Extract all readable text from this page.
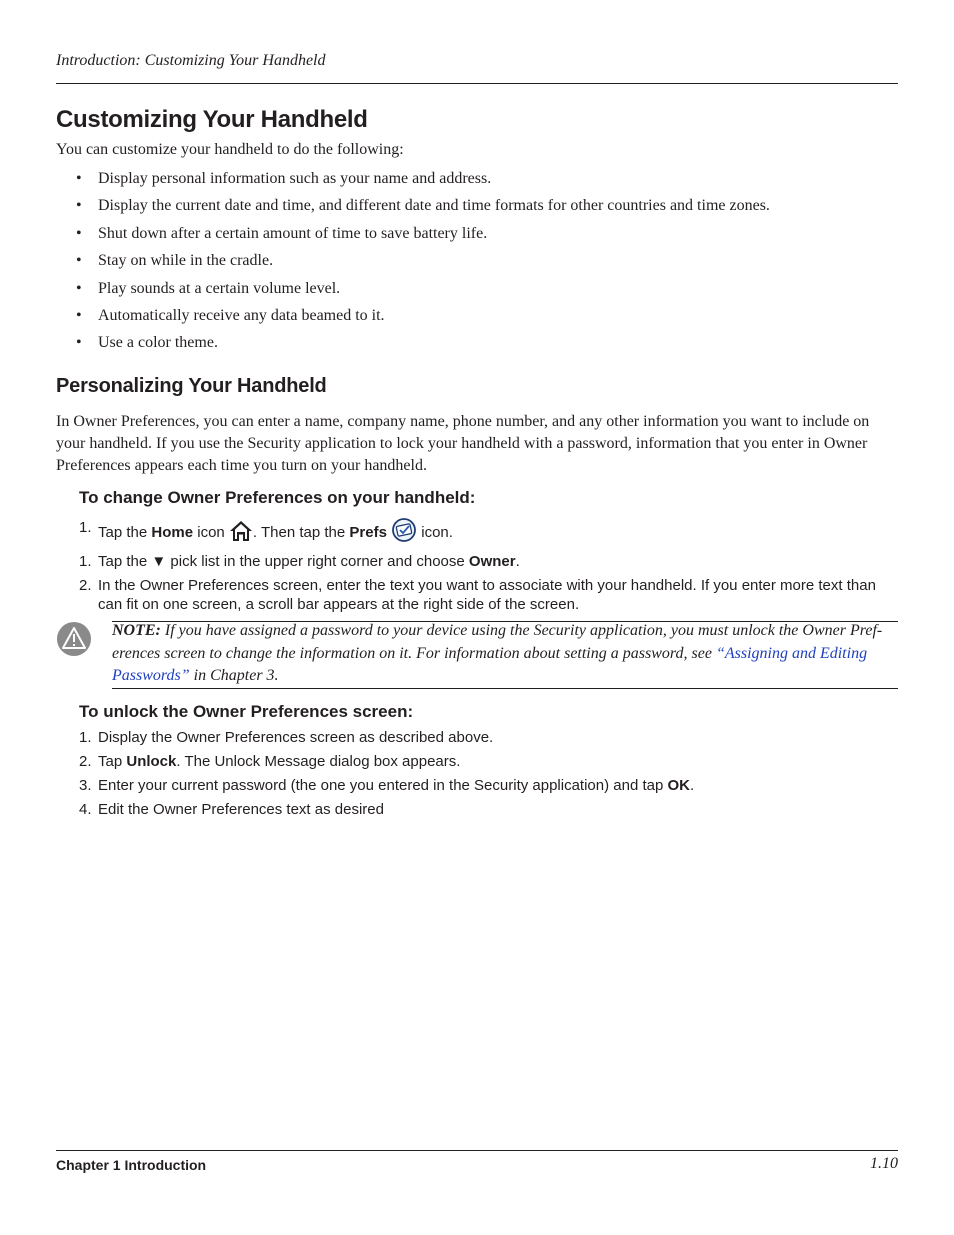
Introduction: Customizing Your Handheld
Customizing Your Handheld

You can customize your handheld to do the following:

• Display personal information such as your name and address.
• Display the current date and time, and different date and time formats for other countries and time zones.
• Shut down after a certain amount of time to save battery life.
• Stay on while in the cradle.
• Play sounds at a certain volume level.
• Automatically receive any data beamed to it.
• Use a color theme.
Personalizing Your Handheld

In Owner Preferences, you can enter a name, company name, phone number, and any other information you want to include on your handheld. If you use the Security application to lock your handheld with a password, information that you enter in Owner Preferences appears each time you turn on your handheld.

To change Owner Preferences on your handheld:
1. Tap the Home icon . Then tap the Prefs  icon.
1. Tap the ▼ pick list in the upper right corner and choose Owner.
2. In the Owner Preferences screen, enter the text you want to associate with your handheld. If you enter more text than can fit on one screen, a scroll bar appears at the right side of the screen.

NOTE: If you have assigned a password to your device using the Security application, you must unlock the Owner Pref-erences screen to change the information on it. For information about setting a password, see “Assigning and Editing Passwords” in Chapter 3.

To unlock the Owner Preferences screen:
1. Display the Owner Preferences screen as described above.
2. Tap Unlock. The Unlock Message dialog box appears.
3. Enter your current password (the one you entered in the Security application) and tap OK.
4. Edit the Owner Preferences text as desired
Chapter 1 Introduction	1.10
